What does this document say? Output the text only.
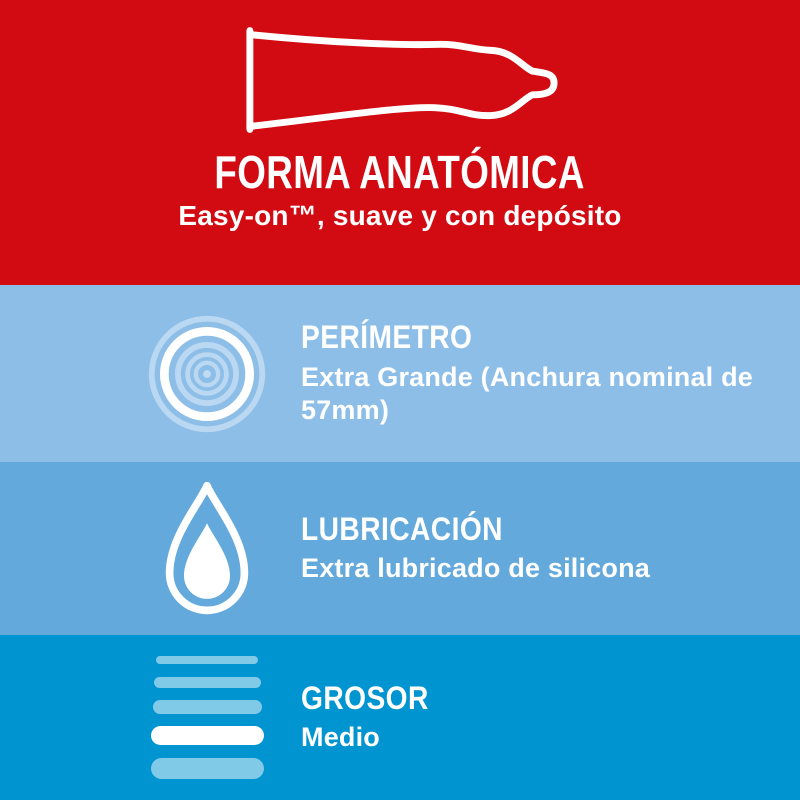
FORMA ANATÓMICA

Easy-on™, suave y con depósito

PERÍMETRO

Extra Grande (Anchura nominal de 57mm)

LUBRICACIÓN

Extra lubricado de silicona

GROSOR

Medio
